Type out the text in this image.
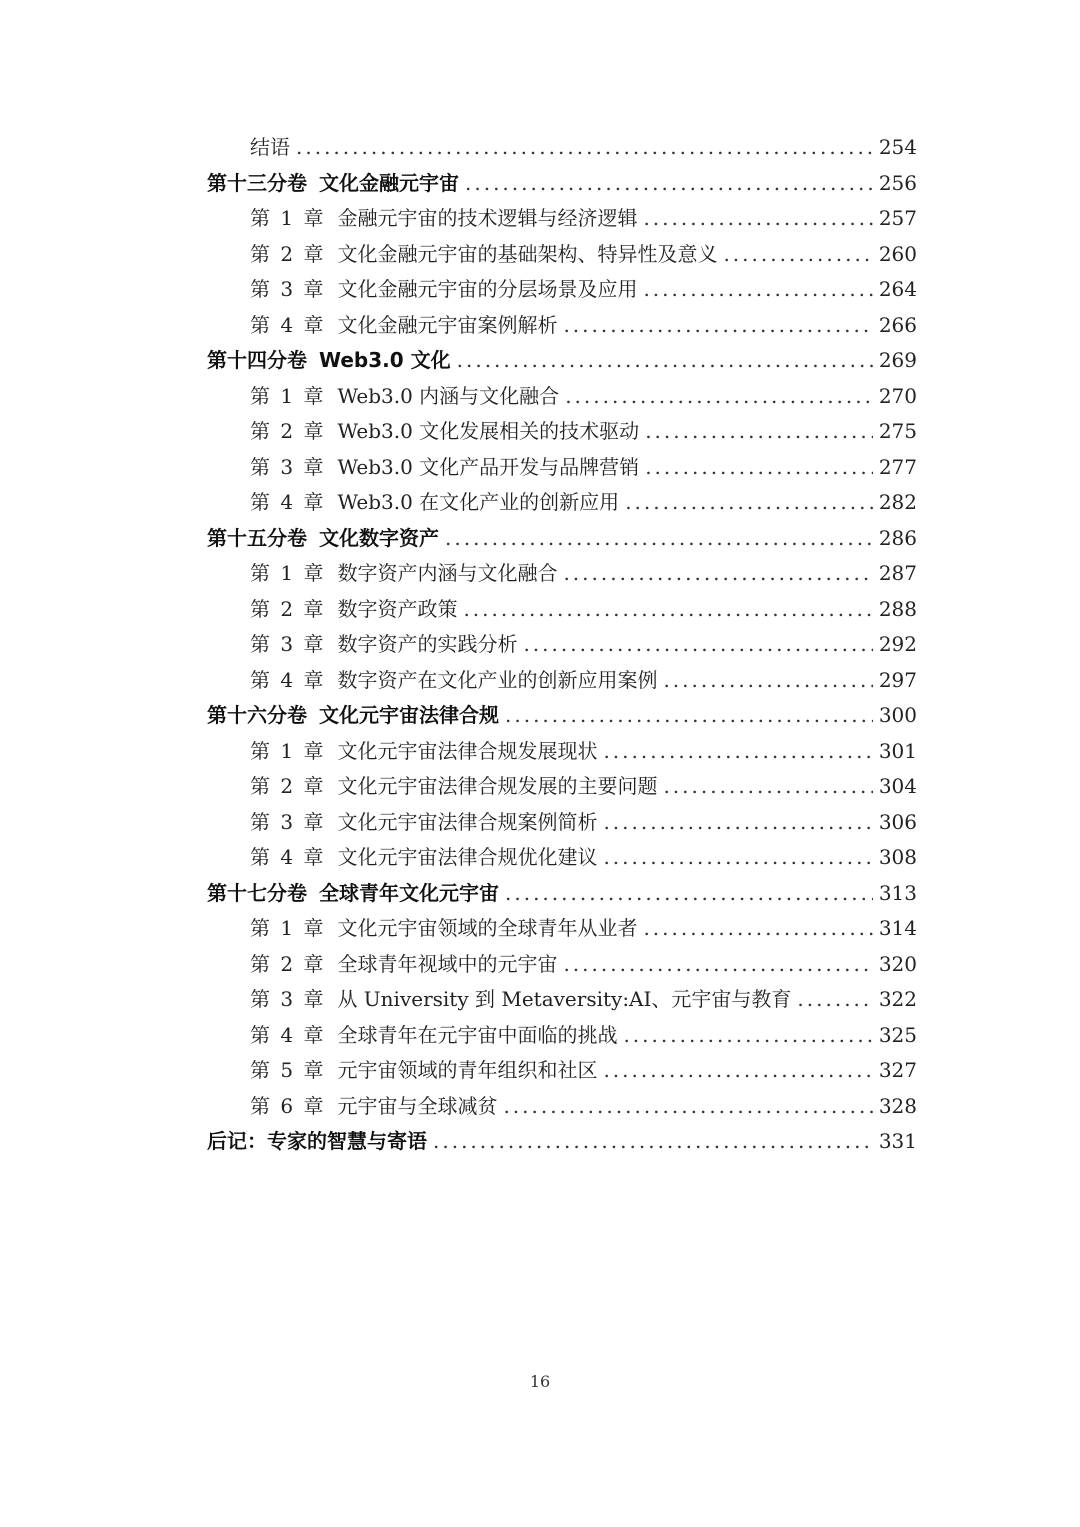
结语 .....	254
第十三分卷 文化金融元宇宙 .....	256
第 1 章 金融元宇宙的技术逻辑与经济逻辑 .....	257
第 2 章 文化金融元宇宙的基础架构、特异性及意义 .....	260
第 3 章 文化金融元宇宙的分层场景及应用 .....	264
第 4 章 文化金融元宇宙案例解析 .....	266
第十四分卷 Web3.0 文化 .....	269
第 1 章 Web3.0 内涵与文化融合 .....	270
第 2 章 Web3.0 文化发展相关的技术驱动 .....	275
第 3 章 Web3.0 文化产品开发与品牌营销 .....	277
第 4 章 Web3.0 在文化产业的创新应用 .....	282
第十五分卷 文化数字资产 .....	286
第 1 章 数字资产内涵与文化融合 .....	287
第 2 章 数字资产政策 .....	288
第 3 章 数字资产的实践分析 .....	292
第 4 章 数字资产在文化产业的创新应用案例 .....	297
第十六分卷 文化元宇宙法律合规 .....	300
第 1 章 文化元宇宙法律合规发展现状 .....	301
第 2 章 文化元宇宙法律合规发展的主要问题 .....	304
第 3 章 文化元宇宙法律合规案例简析 .....	306
第 4 章 文化元宇宙法律合规优化建议 .....	308
第十七分卷 全球青年文化元宇宙 .....	313
第 1 章 文化元宇宙领域的全球青年从业者 .....	314
第 2 章 全球青年视域中的元宇宙 .....	320
第 3 章 从 University 到 Metaversity:AI、元宇宙与教育 .....	322
第 4 章 全球青年在元宇宙中面临的挑战 .....	325
第 5 章 元宇宙领域的青年组织和社区 .....	327
第 6 章 元宇宙与全球减贫 .....	328
后记：专家的智慧与寄语 .....	331
16
